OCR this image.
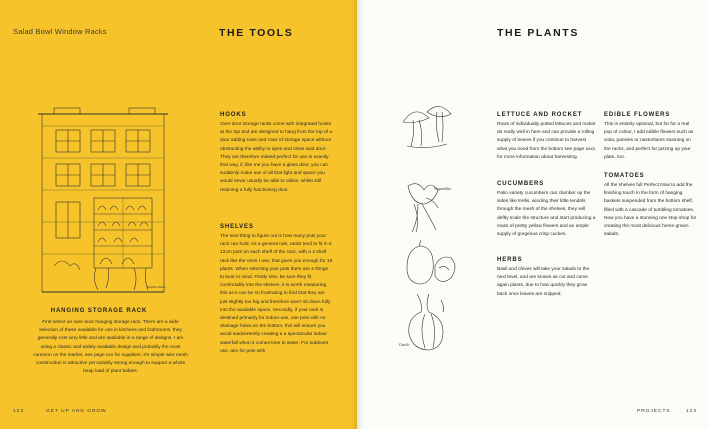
Salad Bowl Window Racks	THE TOOLS
Kaitlin Mora
HANGING STORAGE RACK
First select an over-door hanging storage rack. There are a wide selection of these available for use in kitchens and bathrooms, they generally cost very little and are available in a range of designs. I am using a classic and widely available design and probably the most common on the market, see page xxx for suppliers. It’s simple wire mesh construction is attractive yet suitably strong enough to support a whole heap load of plant babies.
HOOKS
Over door storage racks come with integrated hooks at the top and are designed to hang from the top of a door adding rows and rows of storage space without obstructing the ability to open and close said door. They are therefore indeed perfect for use in exactly that way, if, like me you have a glass door, you can suddenly make use of all that light and space you would never usually be able to utilise, whilst still retaining a fully functioning door.
SHELVES
The next thing to figure out is how many pots your rack can hold. As a general rule, racks tend to fit 3–4 12cm pots on each shelf of the rack, with a 4 shelf rack like the ones I use, that gives you enough for 16 plants. When selecting your pots there are 2 things to bear in mind. Firstly size, be sure they fit comfortably into the shelves, it is worth measuring this as it can be so frustrating to find that they are just slightly too big and therefore won’t sit down fully into the available space. Secondly, if your rack is destined primarily for indoor use, use pots with no drainage holes on the bottom, this will ensure you avoid inadvertently creating a a spectacular indoor waterfall when it comes time to water. For outdoors use, aim for pots with
123	GET UP AND GROW
THE PLANTS
Vegetables
Garlic
LETTUCE AND ROCKET
Rows of individually potted lettuces and rocket do really well in here and can provide a rolling supply of leaves if you continue to harvest what you need from the bottom see page xxxx for more information about harvesting.
CUCUMBERS
Patio variety cucumbers can clamber up the sides like trellis, winding their little tendrils through the mesh of the shelves, they will deftly scale the structure and start producing a mass of pretty yellow flowers and an ample supply of gorgeous crisp cuckes.
HERBS
Basil and chives will take your salads to the next level, and are known as cut and come again plants, due to how quickly they grow back once leaves are snipped.
EDIBLE FLOWERS
This is entirely optional, but for for a real pop of colour, I add edible flowers such as viola, pansies or nasturtiums stunning on the racks, and perfect for jazzing up your plate, too.
TOMATOES
All the shelves full Perfect Now to add the finishing touch in the form of hanging baskets suspended from the bottom shelf, filled with a cascade of tumbling tomatoes. Now you have a stunning one stop shop for creating the most delicious home grown salads.
PROJECTS	123
